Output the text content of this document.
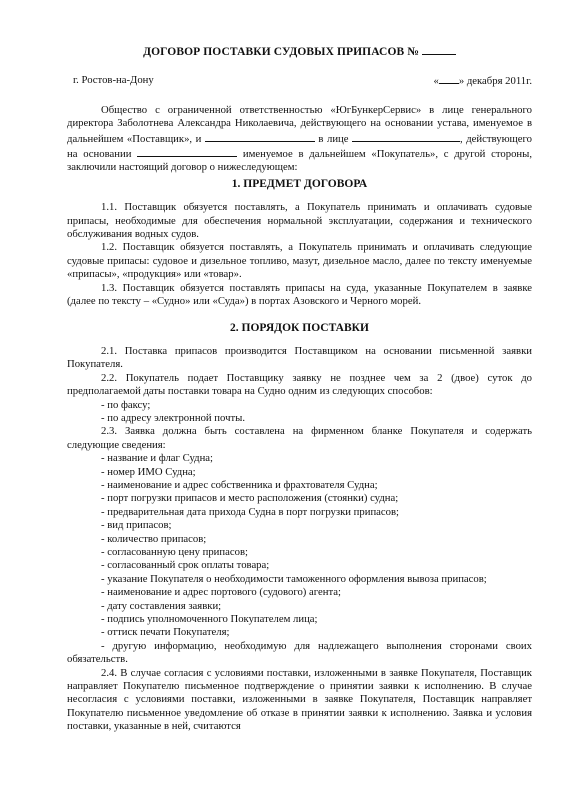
ДОГОВОР ПОСТАВКИ СУДОВЫХ ПРИПАСОВ №
г. Ростов-на-Дону	« » декабря 2011г.

Общество с ограниченной ответственностью «ЮгБункерСервис» в лице генерального директора Заболотнева Александра Николаевича, действующего на основании устава, именуемое в дальнейшем «Поставщик», и	в лице	, действующего на основании	именуемое в дальнейшем «Покупатель», с другой стороны, заключили настоящий договор о нижеследующем:

1. ПРЕДМЕТ ДОГОВОРА

1.1. Поставщик обязуется поставлять, а Покупатель принимать и оплачивать судовые припасы, необходимые для обеспечения нормальной эксплуатации, содержания и технического обслуживания водных судов.

1.2. Поставщик обязуется поставлять, а Покупатель принимать и оплачивать следующие судовые припасы: судовое и дизельное топливо, мазут, дизельное масло, далее по тексту именуемые «припасы», «продукция» или «товар».

1.3. Поставщик обязуется поставлять припасы на суда, указанные Покупателем в заявке (далее по тексту – «Судно» или «Суда») в портах Азовского и Черного морей.

2. ПОРЯДОК ПОСТАВКИ

2.1. Поставка припасов производится Поставщиком на основании письменной заявки Покупателя.

2.2. Покупатель подает Поставщику заявку не позднее чем за 2 (двое) суток до предполагаемой даты поставки товара на Судно одним из следующих способов:

- по факсу;

- по адресу электронной почты.

2.3. Заявка должна быть составлена на фирменном бланке Покупателя и содержать следующие сведения:

- название и флаг Судна;

- номер ИМО Судна;

- наименование и адрес собственника и фрахтователя Судна;

- порт погрузки припасов и место расположения (стоянки) судна;

- предварительная дата прихода Судна в порт погрузки припасов;

- вид припасов;

- количество припасов;

- согласованную цену припасов;

- согласованный срок оплаты товара;

- указание Покупателя о необходимости таможенного оформления вывоза припасов;

- наименование и адрес портового (судового) агента;

- дату составления заявки;

- подпись уполномоченного Покупателем лица;

- оттиск печати Покупателя;

- другую информацию, необходимую для надлежащего выполнения сторонами своих обязательств.

2.4. В случае согласия с условиями поставки, изложенными в заявке Покупателя, Поставщик направляет Покупателю письменное подтверждение о принятии заявки к исполнению. В случае несогласия с условиями поставки, изложенными в заявке Покупателя, Поставщик направляет Покупателю письменное уведомление об отказе в принятии заявки к исполнению. Заявка и условия поставки, указанные в ней, считаются
